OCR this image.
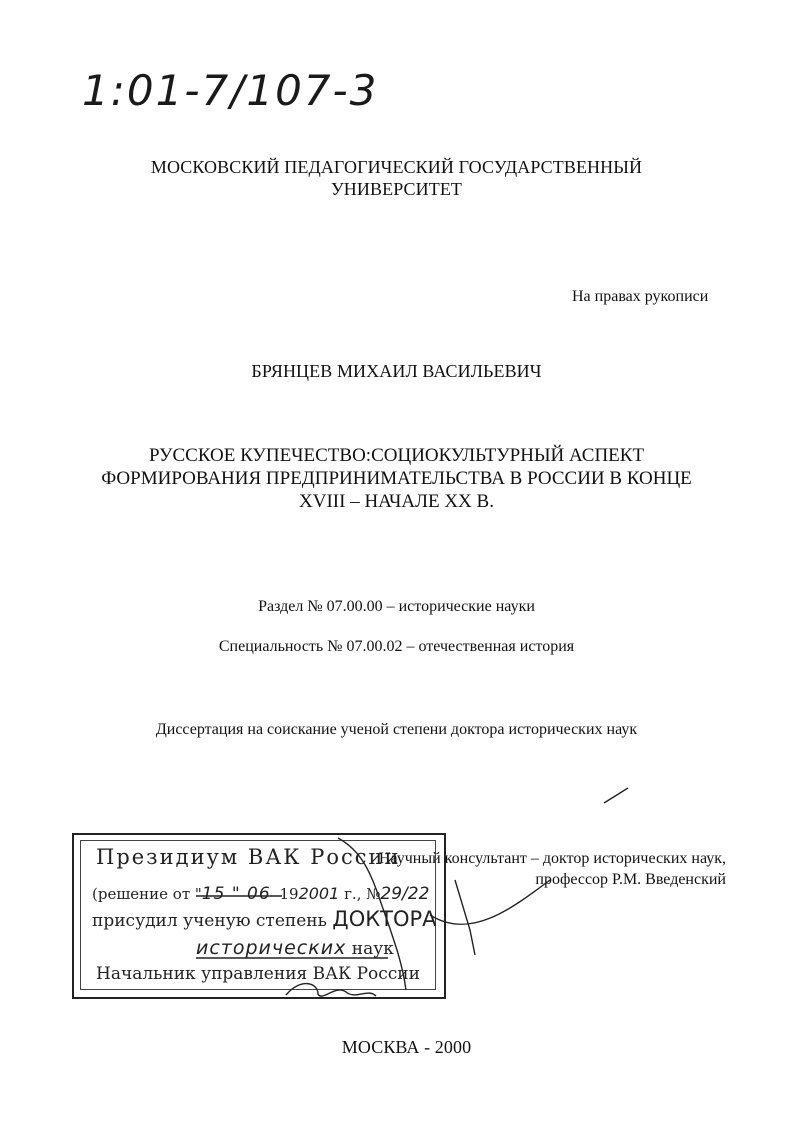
1:01-7/107-3
МОСКОВСКИЙ ПЕДАГОГИЧЕСКИЙ ГОСУДАРСТВЕННЫЙ
УНИВЕРСИТЕТ
На правах рукописи
БРЯНЦЕВ МИХАИЛ ВАСИЛЬЕВИЧ
РУССКОЕ КУПЕЧЕСТВО:СОЦИОКУЛЬТУРНЫЙ АСПЕКТ
ФОРМИРОВАНИЯ ПРЕДПРИНИМАТЕЛЬСТВА В РОССИИ В КОНЦЕ
XVIII – НАЧАЛЕ XX В.
Раздел № 07.00.00 – исторические науки
Специальность № 07.00.02 – отечественная история
Диссертация на соискание ученой степени доктора исторических наук
Научный консультант – доктор исторических наук,
профессор Р.М. Введенский
Президиум ВАК России
(решение от "15 " 06 192001 г., №29/22
присудил ученую степень ДОКТОРА
исторических наук
Начальник управления ВАК России
МОСКВА - 2000
